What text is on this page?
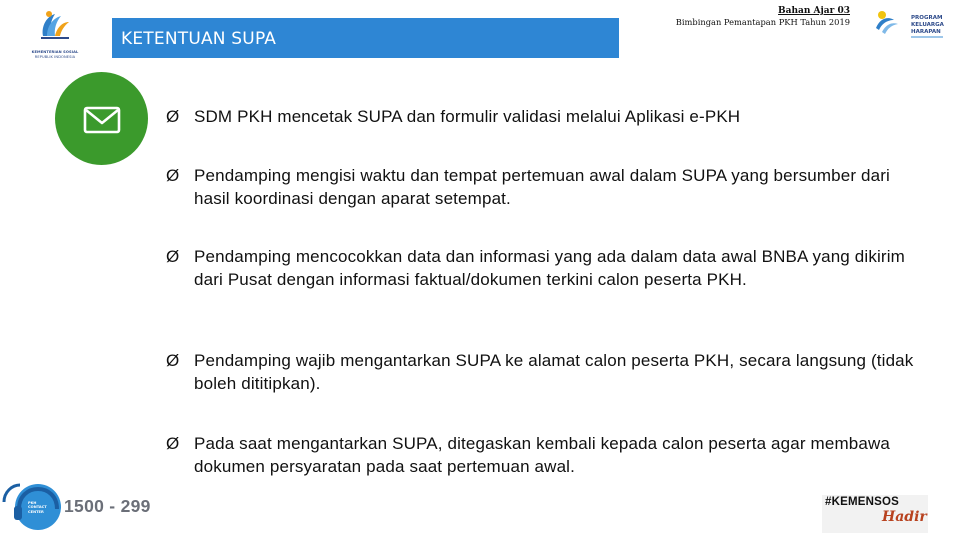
KEMENTERIAN SOSIAL
REPUBLIK INDONESIA
KETENTUAN SUPA
Bahan Ajar 03
Bimbingan Pemantapan PKH Tahun 2019	PROGRAM
KELUARGA
HARAPAN
Ø SDM PKH mencetak SUPA dan formulir validasi melalui Aplikasi e-PKH
Ø Pendamping mengisi waktu dan tempat pertemuan awal dalam SUPA yang bersumber dari hasil koordinasi dengan aparat setempat.
Ø Pendamping mencocokkan data dan informasi yang ada dalam data awal BNBA yang dikirim dari Pusat dengan informasi faktual/dokumen terkini calon peserta PKH.
Ø Pendamping wajib mengantarkan SUPA ke alamat calon peserta PKH, secara langsung (tidak boleh dititipkan).
Ø Pada saat mengantarkan SUPA, ditegaskan kembali kepada calon peserta agar membawa dokumen persyaratan pada saat pertemuan awal.
PKH
CONTACT
CENTER 1500 - 299	#KEMENSOS
Hadir
